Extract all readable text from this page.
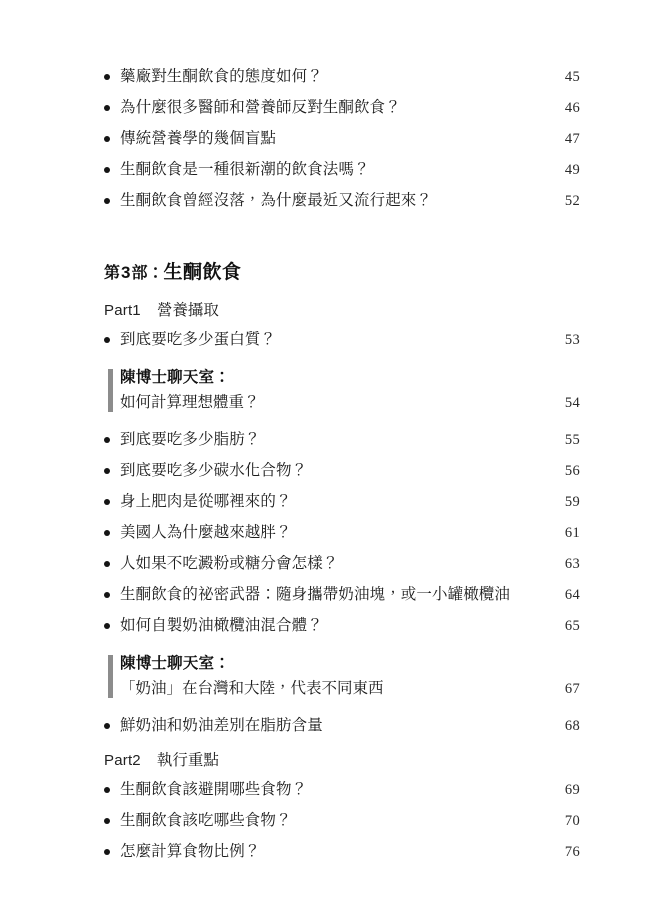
藥廠對生酮飲食的態度如何？	45
為什麼很多醫師和營養師反對生酮飲食？	46
傳統營養學的幾個盲點	47
生酮飲食是一種很新潮的飲食法嗎？	49
生酮飲食曾經沒落，為什麼最近又流行起來？	52
第3部：生酮飲食
Part1 營養攝取
到底要吃多少蛋白質？	53
陳博士聊天室：
如何計算理想體重？	54
到底要吃多少脂肪？	55
到底要吃多少碳水化合物？	56
身上肥肉是從哪裡來的？	59
美國人為什麼越來越胖？	61
人如果不吃澱粉或糖分會怎樣？	63
生酮飲食的祕密武器：隨身攜帶奶油塊，或一小罐橄欖油	64
如何自製奶油橄欖油混合體？	65
陳博士聊天室：
「奶油」在台灣和大陸，代表不同東西	67
鮮奶油和奶油差別在脂肪含量	68
Part2 執行重點
生酮飲食該避開哪些食物？	69
生酮飲食該吃哪些食物？	70
怎麼計算食物比例？	76
